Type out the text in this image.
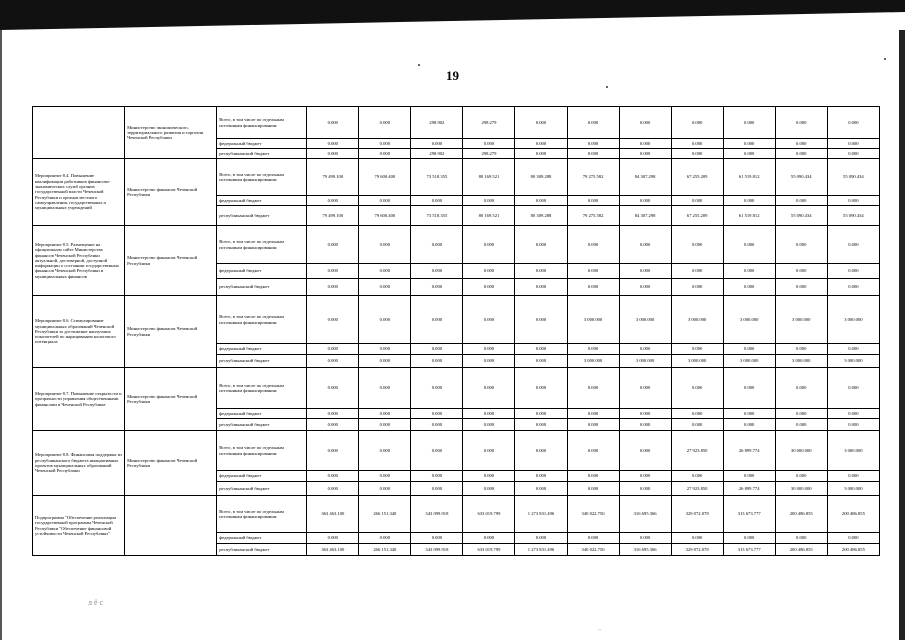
19
	Министерство экономического, территориального развития и торговли Чеченской Республики	Всего, в том числе по отдельным источникам финансирования:	0.000	0.000	298.902	298.279	0.000	0.000	0.000	0.000	0.000	0.000	0.000
		федеральный бюджет	0.000	0.000	0.000	0.000	0.000	0.000	0.000	0.000	0.000	0.000	0.000
		республиканский бюджет	0.000	0.000	298.902	298.279	0.000	0.000	0.000	0.000	0.000	0.000	0.000
Мероприятие 8.4. Повышение квалификации работников финансово-экономических служб органов государственной власти Чеченской Республики и органов местного самоуправления, государственных и муниципальных учреждений	Министерство финансов Чеченской Республики	Всего, в том числе по отдельным источникам финансирования:	79 499.100	79 600.400	73 518.355	80 169.521	80 309.288	79 275.582	84 307.298	67 255.209	61 519.812	55 090.434	55 090.434
		федеральный бюджет	0.000	0.000	0.000	0.000	0.000	0.000	0.000	0.000	0.000	0.000	0.000
		республиканский бюджет	79 499.100	79 600.400	73 518.355	80 169.521	80 309.288	79 275.582	84 307.298	67 255.209	61 519.812	55 090.434	55 090.434
Мероприятие 8.5. Размещение на официальном сайте Министерства финансов Чеченской Республики актуальной, достоверной, доступной информации о состоянии государственных финансов Чеченской Республики и муниципальных финансов	Министерство финансов Чеченской Республики	Всего, в том числе по отдельным источникам финансирования:	0.000	0.000	0.000	0.000	0.000	0.000	0.000	0.000	0.000	0.000	0.000
		федеральный бюджет	0.000	0.000	0.000	0.000	0.000	0.000	0.000	0.000	0.000	0.000	0.000
		республиканский бюджет	0.000	0.000	0.000	0.000	0.000	0.000	0.000	0.000	0.000	0.000	0.000
Мероприятие 8.6. Стимулирование муниципальных образований Чеченской Республики за достижение наилучших показателей по наращиванию налогового потенциала	Министерство финансов Чеченской Республики	Всего, в том числе по отдельным источникам финансирования:	0.000	0.000	0.000	0.000	0.000	3 000.000	3 000.000	3 000.000	3 000.000	3 000.000	3 000.000
		федеральный бюджет	0.000	0.000	0.000	0.000	0.000	0.000	0.000	0.000	0.000	0.000	0.000
		республиканский бюджет	0.000	0.000	0.000	0.000	0.000	3 000.000	3 000.000	3 000.000	3 000.000	3 000.000	3 000.000
Мероприятие 8.7. Повышение открытости и прозрачности управления общественными финансами в Чеченской Республике	Министерство финансов Чеченской Республики	Всего, в том числе по отдельным источникам финансирования:	0.000	0.000	0.000	0.000	0.000	0.000	0.000	0.000	0.000	0.000	0.000
		федеральный бюджет	0.000	0.000	0.000	0.000	0.000	0.000	0.000	0.000	0.000	0.000	0.000
		республиканский бюджет	0.000	0.000	0.000	0.000	0.000	0.000	0.000	0.000	0.000	0.000	0.000
Мероприятие 8.8. Финансовая поддержка из республиканского бюджета инициативных проектов муниципальных образований Чеченской Республики	Министерство финансов Чеченской Республики	Всего, в том числе по отдельным источникам финансирования:	0.000	0.000	0.000	0.000	0.000	0.000	0.000	27 923.850	26 899.774	30 000.000	3 000.000
		федеральный бюджет	0.000	0.000	0.000	0.000	0.000	0.000	0.000	0.000	0.000	0.000	0.000
		республиканский бюджет	0.000	0.000	0.000	0.000	0.000	0.000	0.000	27 923.850	26 899.774	30 000.000	3 000.000
Подпрограмма "Обеспечение реализации государственной программы Чеченской Республики "Обеспечение финансовой устойчивости Чеченской Республики"		Всего, в том числе по отдельным источникам финансирования:	363 463.100	266 151.340	343 099.918	633 019.799	1 273 831.496	340 022.750	316 695.366	329 072.078	313 673.777	200 486.855	200 486.855
		федеральный бюджет	0.000	0.000	0.000	0.000	0.000	0.000	0.000	0.000	0.000	0.000	0.000
		республиканский бюджет	363 463.100	266 151.340	343 099.918	633 019.799	1 273 831.496	340 022.750	316 695.366	329 072.078	313 673.777	200 486.855	200 486.855
л ё с
~
